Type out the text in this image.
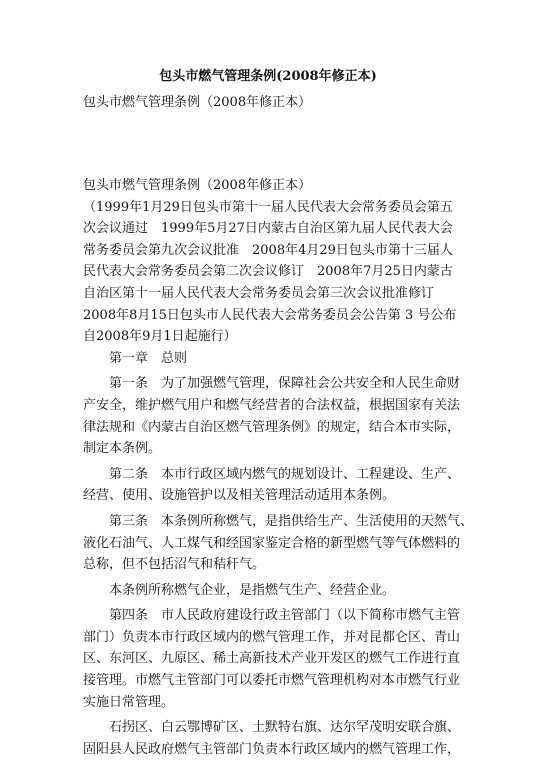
包头市燃气管理条例(2008年修正本)
包头市燃气管理条例（2008年修正本）
包头市燃气管理条例（2008年修正本）
（1999年1月29日包头市第十一届人民代表大会常务委员会第五
次会议通过　1999年5月27日内蒙古自治区第九届人民代表大会
常务委员会第九次会议批准　2008年4月29日包头市第十三届人
民代表大会常务委员会第二次会议修订　2008年7月25日内蒙古
自治区第十一届人民代表大会常务委员会第三次会议批准修订
2008年8月15日包头市人民代表大会常务委员会公告第 3 号公布
自2008年9月1日起施行）
　　第一章　总则
　　第一条　为了加强燃气管理，保障社会公共安全和人民生命财
产安全，维护燃气用户和燃气经营者的合法权益，根据国家有关法
律法规和《内蒙古自治区燃气管理条例》的规定，结合本市实际，
制定本条例。
　　第二条　本市行政区域内燃气的规划设计、工程建设、生产、
经营、使用、设施管护以及相关管理活动适用本条例。
　　第三条　本条例所称燃气，是指供给生产、生活使用的天然气、
液化石油气、人工煤气和经国家鉴定合格的新型燃气等气体燃料的
总称，但不包括沼气和秸秆气。
　　本条例所称燃气企业，是指燃气生产、经营企业。
　　第四条　市人民政府建设行政主管部门（以下简称市燃气主管
部门）负责本市行政区域内的燃气管理工作，并对昆都仑区、青山
区、东河区、九原区、稀土高新技术产业开发区的燃气工作进行直
接管理。市燃气主管部门可以委托市燃气管理机构对本市燃气行业
实施日常管理。
　　石拐区、白云鄂博矿区、土默特右旗、达尔罕茂明安联合旗、
固阳县人民政府燃气主管部门负责本行政区域内的燃气管理工作，
